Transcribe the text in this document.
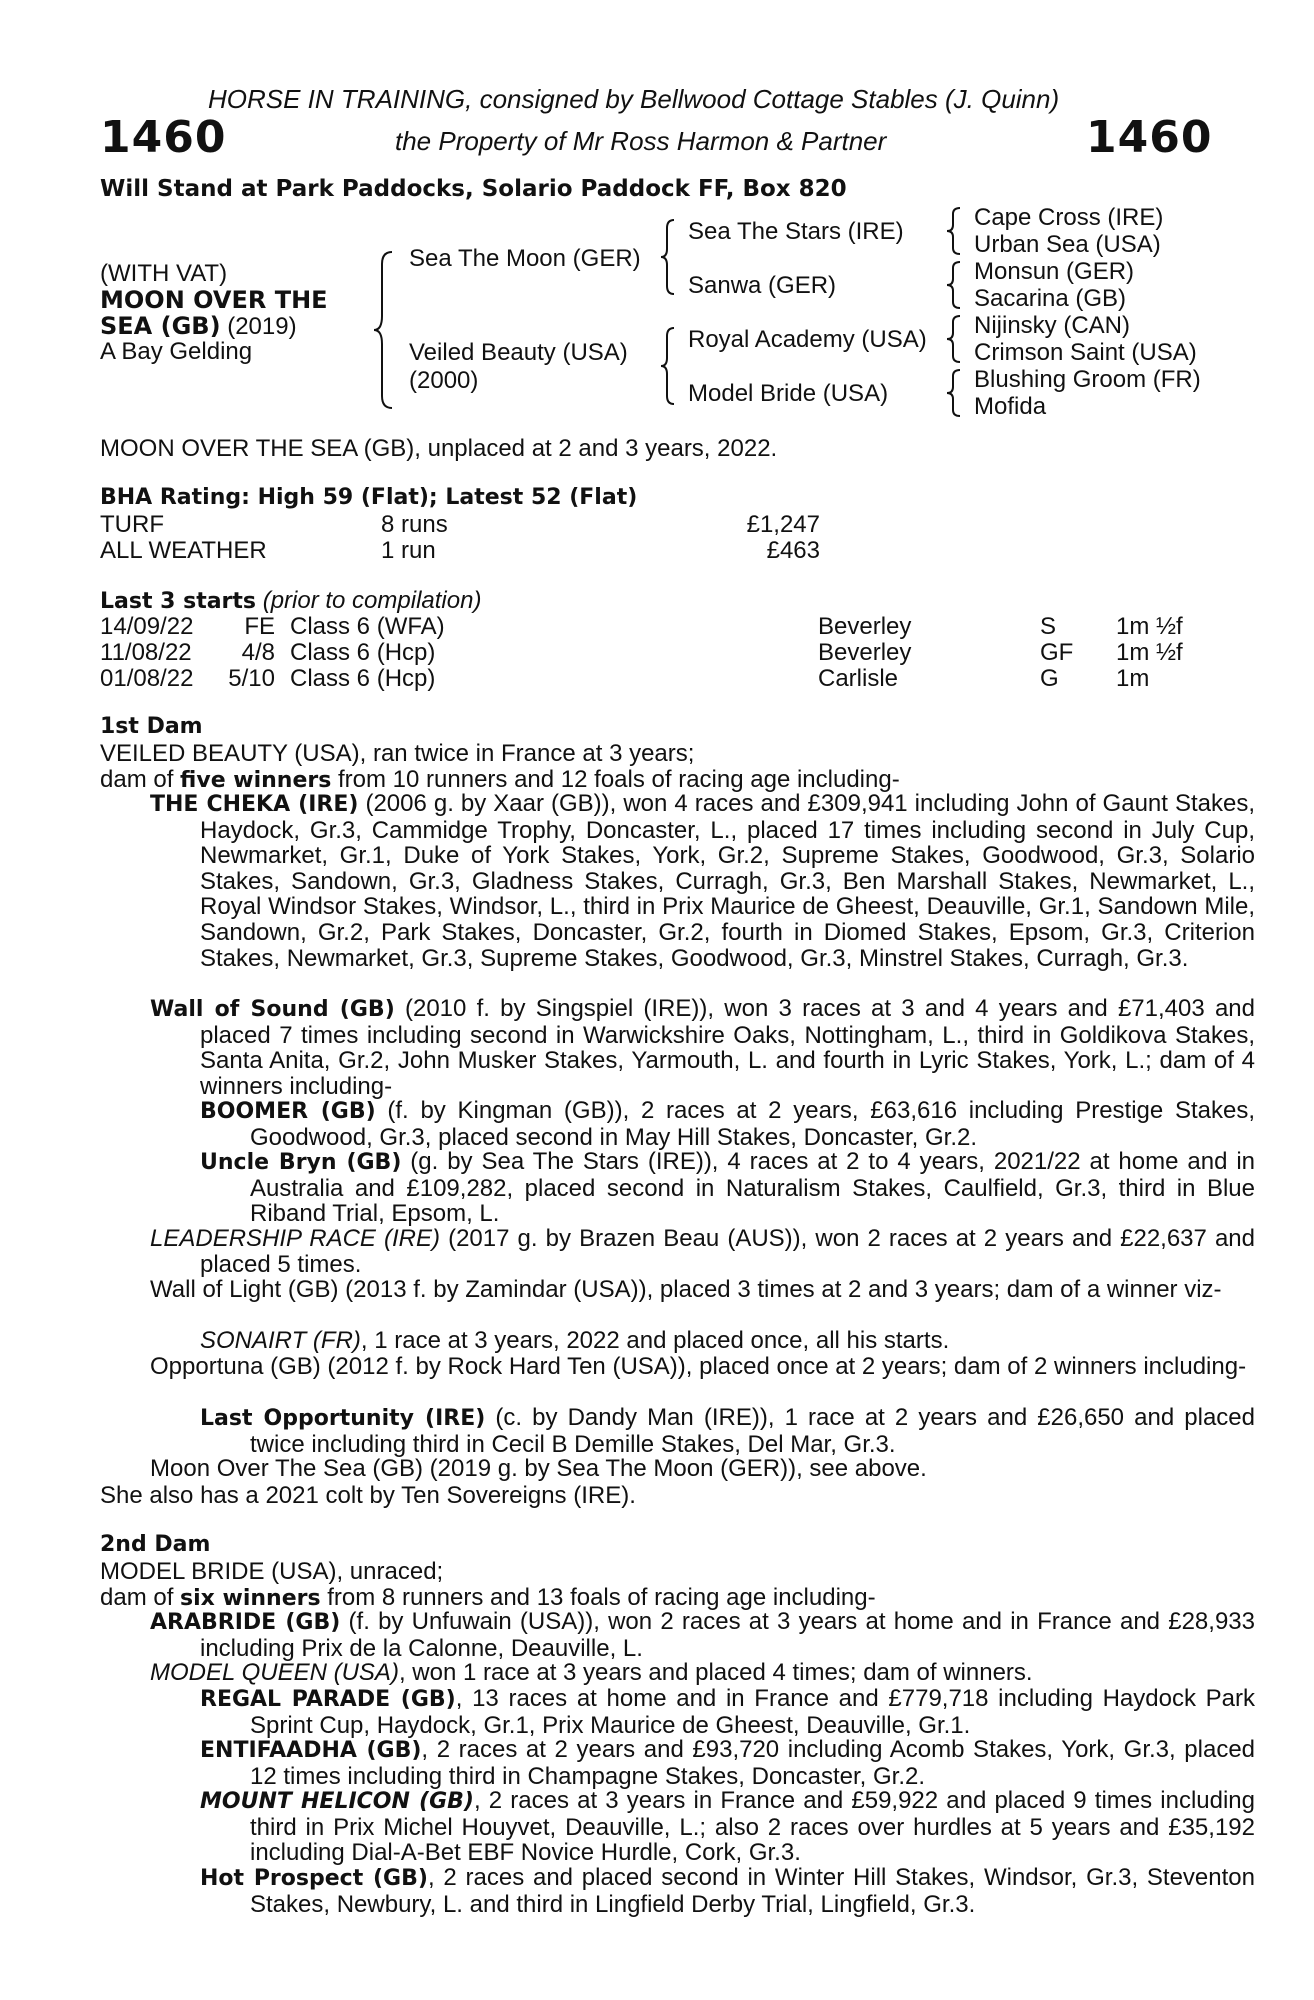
HORSE IN TRAINING, consigned by Bellwood Cottage Stables (J. Quinn)
1460	the Property of Mr Ross Harmon & Partner	1460
Will Stand at Park Paddocks, Solario Paddock FF, Box 820
(WITH VAT)
MOON OVER THE
SEA (GB) (2019)
A Bay Gelding
Sea The Moon (GER)
Veiled Beauty (USA)
(2000)
Sea The Stars (IRE)
Sanwa (GER)
Royal Academy (USA)
Model Bride (USA)
Cape Cross (IRE)
Urban Sea (USA)
Monsun (GER)
Sacarina (GB)
Nijinsky (CAN)
Crimson Saint (USA)
Blushing Groom (FR)
Mofida
MOON OVER THE SEA (GB), unplaced at 2 and 3 years, 2022.
BHA Rating: High 59 (Flat); Latest 52 (Flat)
TURF	8 runs	£1,247
ALL WEATHER	1 run	£463
Last 3 starts (prior to compilation)
14/09/22	FE Class 6 (WFA)	Beverley	S 1m ½f
11/08/22	4/8 Class 6 (Hcp)	Beverley	GF 1m ½f
01/08/22	5/10 Class 6 (Hcp)	Carlisle	G 1m
1st Dam
VEILED BEAUTY (USA), ran twice in France at 3 years;
dam of five winners from 10 runners and 12 foals of racing age including-
THE CHEKA (IRE) (2006 g. by Xaar (GB)), won 4 races and £309,941 including John of Gaunt Stakes, Haydock, Gr.3, Cammidge Trophy, Doncaster, L., placed 17 times including second in July Cup, Newmarket, Gr.1, Duke of York Stakes, York, Gr.2, Supreme Stakes, Goodwood, Gr.3, Solario Stakes, Sandown, Gr.3, Gladness Stakes, Curragh, Gr.3, Ben Marshall Stakes, Newmarket, L., Royal Windsor Stakes, Windsor, L., third in Prix Maurice de Gheest, Deauville, Gr.1, Sandown Mile, Sandown, Gr.2, Park Stakes, Doncaster, Gr.2, fourth in Diomed Stakes, Epsom, Gr.3, Criterion Stakes, Newmarket, Gr.3, Supreme Stakes, Goodwood, Gr.3, Minstrel Stakes, Curragh, Gr.3.
Wall of Sound (GB) (2010 f. by Singspiel (IRE)), won 3 races at 3 and 4 years and £71,403 and placed 7 times including second in Warwickshire Oaks, Nottingham, L., third in Goldikova Stakes, Santa Anita, Gr.2, John Musker Stakes, Yarmouth, L. and fourth in Lyric Stakes, York, L.; dam of 4 winners including-
BOOMER (GB) (f. by Kingman (GB)), 2 races at 2 years, £63,616 including Prestige Stakes, Goodwood, Gr.3, placed second in May Hill Stakes, Doncaster, Gr.2.
Uncle Bryn (GB) (g. by Sea The Stars (IRE)), 4 races at 2 to 4 years, 2021/22 at home and in Australia and £109,282, placed second in Naturalism Stakes, Caulfield, Gr.3, third in Blue Riband Trial, Epsom, L.
LEADERSHIP RACE (IRE) (2017 g. by Brazen Beau (AUS)), won 2 races at 2 years and £22,637 and placed 5 times.
Wall of Light (GB) (2013 f. by Zamindar (USA)), placed 3 times at 2 and 3 years; dam of a winner viz-
SONAIRT (FR), 1 race at 3 years, 2022 and placed once, all his starts.
Opportuna (GB) (2012 f. by Rock Hard Ten (USA)), placed once at 2 years; dam of 2 winners including-
Last Opportunity (IRE) (c. by Dandy Man (IRE)), 1 race at 2 years and £26,650 and placed twice including third in Cecil B Demille Stakes, Del Mar, Gr.3.
Moon Over The Sea (GB) (2019 g. by Sea The Moon (GER)), see above.
She also has a 2021 colt by Ten Sovereigns (IRE).
2nd Dam
MODEL BRIDE (USA), unraced;
dam of six winners from 8 runners and 13 foals of racing age including-
ARABRIDE (GB) (f. by Unfuwain (USA)), won 2 races at 3 years at home and in France and £28,933 including Prix de la Calonne, Deauville, L.
MODEL QUEEN (USA), won 1 race at 3 years and placed 4 times; dam of winners.
REGAL PARADE (GB), 13 races at home and in France and £779,718 including Haydock Park Sprint Cup, Haydock, Gr.1, Prix Maurice de Gheest, Deauville, Gr.1.
ENTIFAADHA (GB), 2 races at 2 years and £93,720 including Acomb Stakes, York, Gr.3, placed 12 times including third in Champagne Stakes, Doncaster, Gr.2.
MOUNT HELICON (GB), 2 races at 3 years in France and £59,922 and placed 9 times including third in Prix Michel Houyvet, Deauville, L.; also 2 races over hurdles at 5 years and £35,192 including Dial-A-Bet EBF Novice Hurdle, Cork, Gr.3.
Hot Prospect (GB), 2 races and placed second in Winter Hill Stakes, Windsor, Gr.3, Steventon Stakes, Newbury, L. and third in Lingfield Derby Trial, Lingfield, Gr.3.
